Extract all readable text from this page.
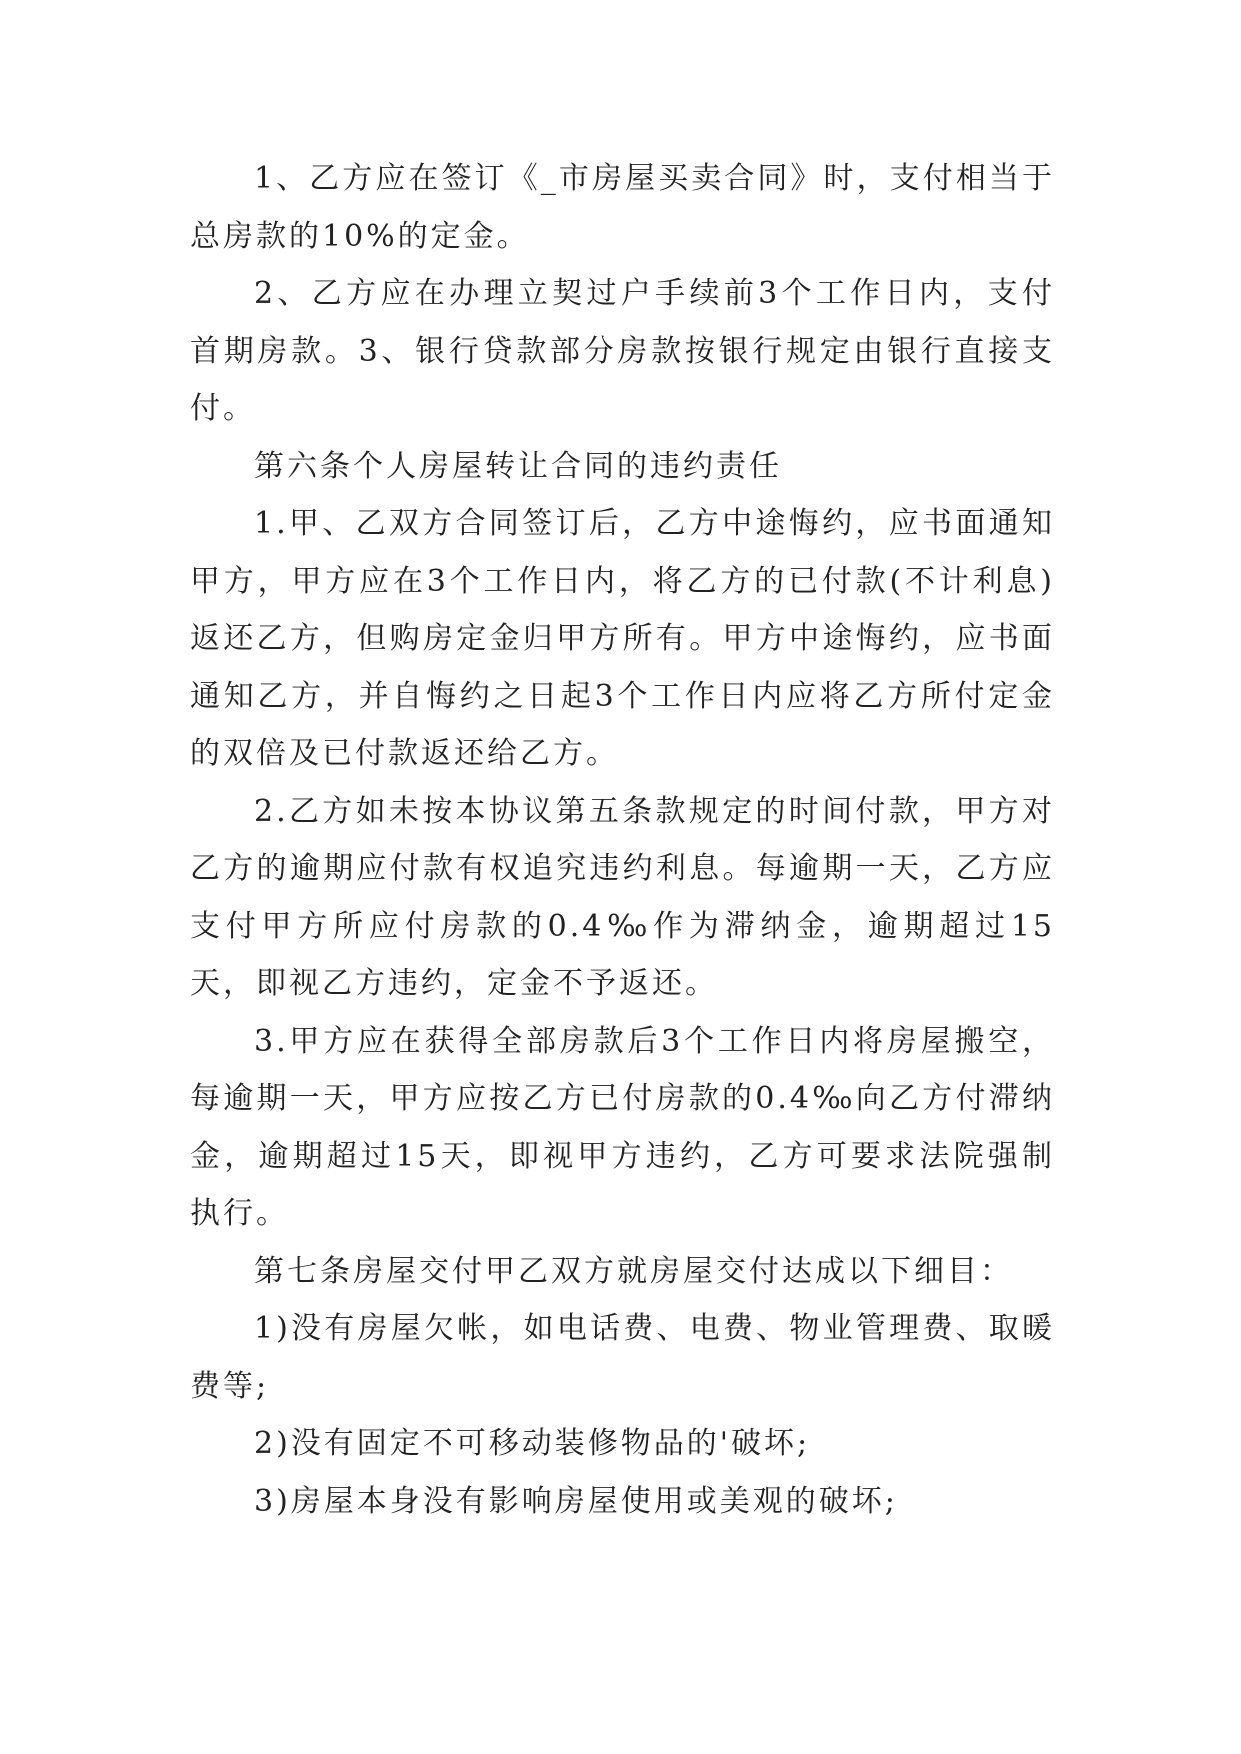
1、乙方应在签订《_市房屋买卖合同》时，支付相当于总房款的10%的定金。

2、乙方应在办理立契过户手续前3个工作日内，支付首期房款。3、银行贷款部分房款按银行规定由银行直接支付。

第六条个人房屋转让合同的违约责任

1.甲、乙双方合同签订后，乙方中途悔约，应书面通知甲方，甲方应在3个工作日内，将乙方的已付款(不计利息)返还乙方，但购房定金归甲方所有。甲方中途悔约，应书面通知乙方，并自悔约之日起3个工作日内应将乙方所付定金的双倍及已付款返还给乙方。

2.乙方如未按本协议第五条款规定的时间付款，甲方对乙方的逾期应付款有权追究违约利息。每逾期一天，乙方应支付甲方所应付房款的0.4‰作为滞纳金，逾期超过15天，即视乙方违约，定金不予返还。

3.甲方应在获得全部房款后3个工作日内将房屋搬空，每逾期一天，甲方应按乙方已付房款的0.4‰向乙方付滞纳金，逾期超过15天，即视甲方违约，乙方可要求法院强制执行。

第七条房屋交付甲乙双方就房屋交付达成以下细目：

1)没有房屋欠帐，如电话费、电费、物业管理费、取暖费等;

2)没有固定不可移动装修物品的'破坏;

3)房屋本身没有影响房屋使用或美观的破坏;
